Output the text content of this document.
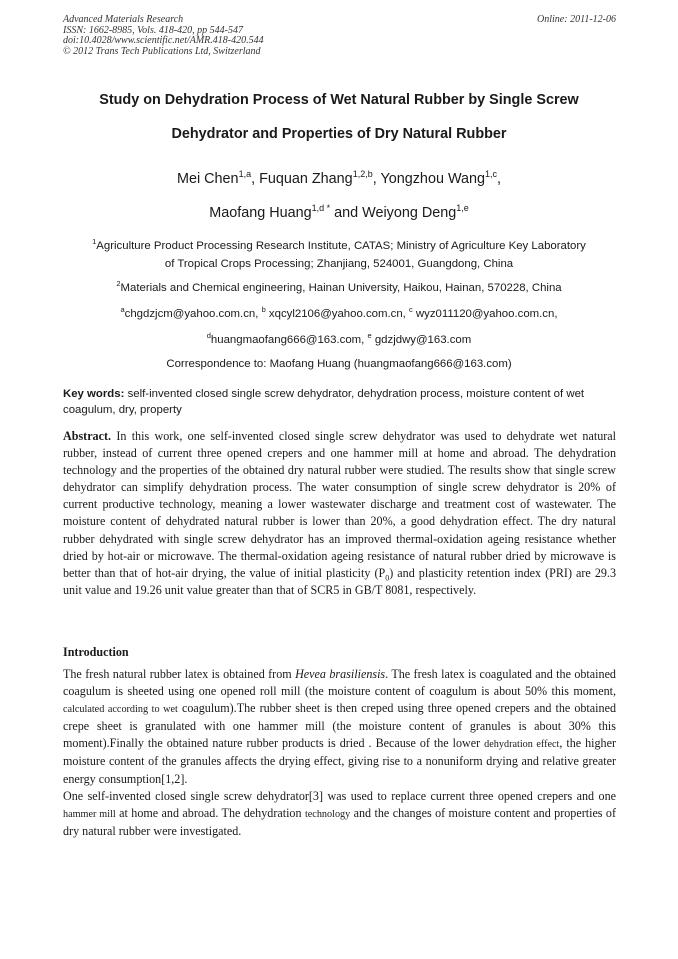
Advanced Materials Research
ISSN: 1662-8985, Vols. 418-420, pp 544-547
doi:10.4028/www.scientific.net/AMR.418-420.544
© 2012 Trans Tech Publications Ltd, Switzerland
Online: 2011-12-06
Study on Dehydration Process of Wet Natural Rubber by Single Screw
Dehydrator and Properties of Dry Natural Rubber
Mei Chen$^{1,a}$, Fuquan Zhang$^{1,2,b}$, Yongzhou Wang$^{1,c}$,
Maofang Huang$^{1,d *}$ and Weiyong Deng$^{1,e}$
$^1$Agriculture Product Processing Research Institute, CATAS; Ministry of Agriculture Key Laboratory
of Tropical Crops Processing; Zhanjiang, 524001, Guangdong, China
$^2$Materials and Chemical engineering, Hainan University, Haikou, Hainan, 570228, China
$^a$chgdzjcm@yahoo.com.cn, $^b$ xqcyl2106@yahoo.com.cn, $^c$ wyz011120@yahoo.com.cn,
$^d$huangmaofang666@163.com, $^e$ gdzjdwy@163.com
Correspondence to: Maofang Huang (huangmaofang666@163.com)
Key words: self-invented closed single screw dehydrator, dehydration process, moisture content of wet coagulum, dry, property
Abstract. In this work, one self-invented closed single screw dehydrator was used to dehydrate wet natural rubber, instead of current three opened crepers and one hammer mill at home and abroad. The dehydration technology and the properties of the obtained dry natural rubber were studied. The results show that single screw dehydrator can simplify dehydration process. The water consumption of single screw dehydrator is 20% of current productive technology, meaning a lower wastewater discharge and treatment cost of wastewater. The moisture content of dehydrated natural rubber is lower than 20%, a good dehydration effect. The dry natural rubber dehydrated with single screw dehydrator has an improved thermal-oxidation ageing resistance whether dried by hot-air or microwave. The thermal-oxidation ageing resistance of natural rubber dried by microwave is better than that of hot-air drying, the value of initial plasticity $(P_0)$ and plasticity retention index (PRI) are 29.3 unit value and 19.26 unit value greater than that of SCR5 in GB/T 8081, respectively.
Introduction

The fresh natural rubber latex is obtained from Hevea brasiliensis. The fresh latex is coagulated and the obtained coagulum is sheeted using one opened roll mill (the moisture content of coagulum is about 50% this moment, calculated according to wet coagulum).The rubber sheet is then creped using three opened crepers and the obtained crepe sheet is granulated with one hammer mill (the moisture content of granules is about 30% this moment).Finally the obtained nature rubber products is dried . Because of the lower dehydration effect, the higher moisture content of the granules affects the drying effect, giving rise to a nonuniform drying and relative greater energy consumption[1,2].

One self-invented closed single screw dehydrator[3] was used to replace current three opened crepers and one hammer mill at home and abroad. The dehydration technology and the changes of moisture content and properties of dry natural rubber were investigated.
